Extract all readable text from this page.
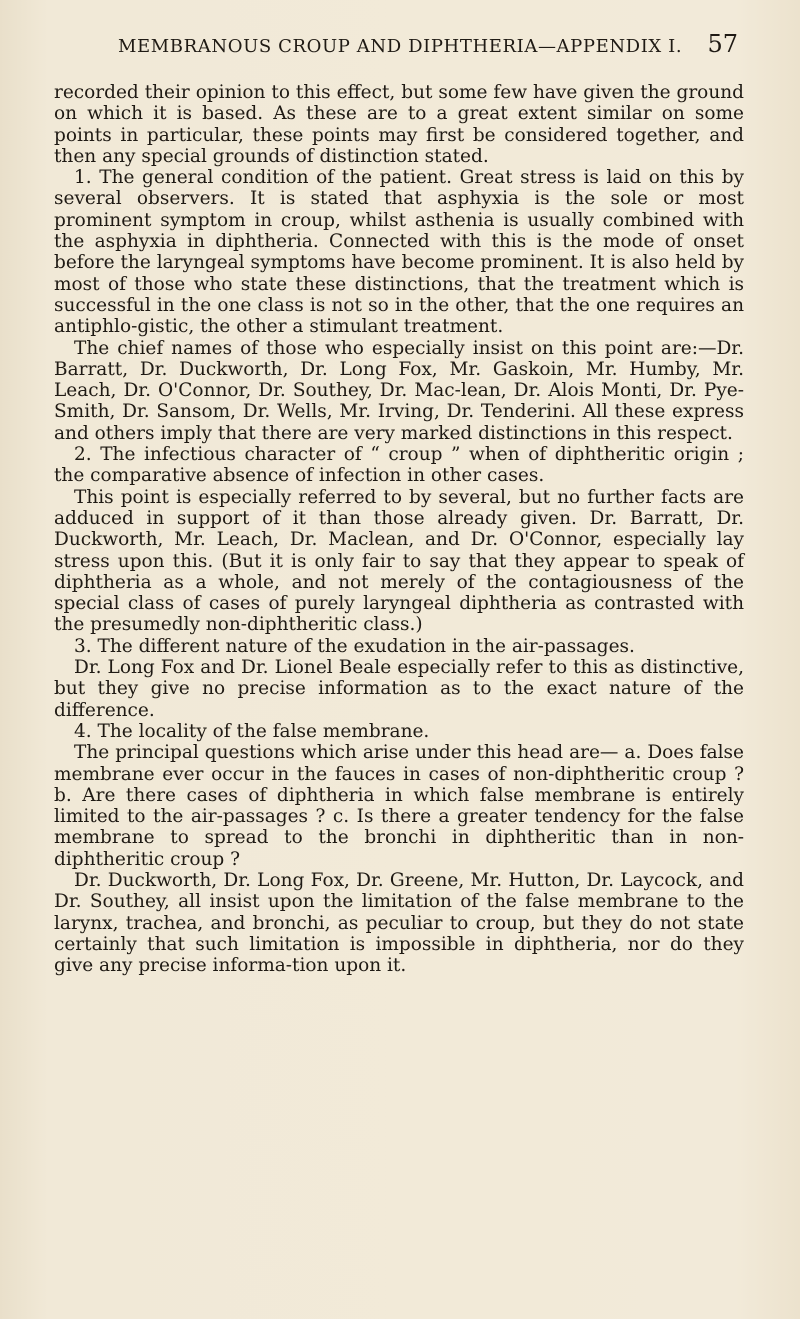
MEMBRANOUS CROUP AND DIPHTHERIA—APPENDIX I. 57

recorded their opinion to this effect, but some few have given the ground on which it is based. As these are to a great extent similar on some points in particular, these points may first be considered together, and then any special grounds of distinction stated.

1. The general condition of the patient. Great stress is laid on this by several observers. It is stated that asphyxia is the sole or most prominent symptom in croup, whilst asthenia is usually combined with the asphyxia in diphtheria. Connected with this is the mode of onset before the laryngeal symptoms have become prominent. It is also held by most of those who state these distinctions, that the treatment which is successful in the one class is not so in the other, that the one requires an antiphlo-gistic, the other a stimulant treatment.

The chief names of those who especially insist on this point are:—Dr. Barratt, Dr. Duckworth, Dr. Long Fox, Mr. Gaskoin, Mr. Humby, Mr. Leach, Dr. O'Connor, Dr. Southey, Dr. Mac-lean, Dr. Alois Monti, Dr. Pye-Smith, Dr. Sansom, Dr. Wells, Mr. Irving, Dr. Tenderini. All these express and others imply that there are very marked distinctions in this respect.

2. The infectious character of “ croup ” when of diphtheritic origin ; the comparative absence of infection in other cases.

This point is especially referred to by several, but no further facts are adduced in support of it than those already given. Dr. Barratt, Dr. Duckworth, Mr. Leach, Dr. Maclean, and Dr. O'Connor, especially lay stress upon this. (But it is only fair to say that they appear to speak of diphtheria as a whole, and not merely of the contagiousness of the special class of cases of purely laryngeal diphtheria as contrasted with the presumedly non-diphtheritic class.)

3. The different nature of the exudation in the air-passages.

Dr. Long Fox and Dr. Lionel Beale especially refer to this as distinctive, but they give no precise information as to the exact nature of the difference.

4. The locality of the false membrane.

The principal questions which arise under this head are— a. Does false membrane ever occur in the fauces in cases of non-diphtheritic croup ? b. Are there cases of diphtheria in which false membrane is entirely limited to the air-passages ? c. Is there a greater tendency for the false membrane to spread to the bronchi in diphtheritic than in non-diphtheritic croup ?

Dr. Duckworth, Dr. Long Fox, Dr. Greene, Mr. Hutton, Dr. Laycock, and Dr. Southey, all insist upon the limitation of the false membrane to the larynx, trachea, and bronchi, as peculiar to croup, but they do not state certainly that such limitation is impossible in diphtheria, nor do they give any precise informa-tion upon it.
